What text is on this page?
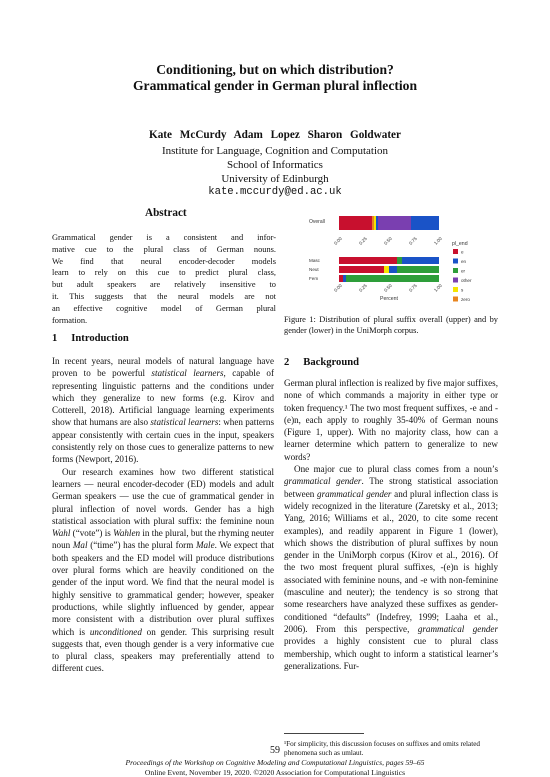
Conditioning, but on which distribution?
Grammatical gender in German plural inflection
Kate McCurdy Adam Lopez Sharon Goldwater
Institute for Language, Cognition and Computation
School of Informatics
University of Edinburgh
kate.mccurdy@ed.ac.uk
Abstract
Grammatical gender is a consistent and infor-
mative cue to the plural class of German nouns.
We find that neural encoder-decoder models
learn to rely on this cue to predict plural class,
but adult speakers are relatively insensitive to
it. This suggests that the neural models are not
an effective cognitive model of German plural
formation.
Overall
0.00	0.25	0.50	0.75	1.00
Masc
Neut
Fem
0.00	0.25	0.50	0.75	1.00
Percent
pl_end
e
en
er
other
s
zero
Figure 1: Distribution of plural suffix overall (upper) and by gender (lower) in the UniMorph corpus.
1 Introduction

In recent years, neural models of natural language have proven to be powerful statistical learners, capable of representing linguistic patterns and the conditions under which they generalize to new forms (e.g. Kirov and Cotterell, 2018). Artificial language learning experiments show that humans are also statistical learners: when patterns appear consistently with certain cues in the input, speakers consistently rely on those cues to generalize patterns to new forms (Newport, 2016).

Our research examines how two different statistical learners — neural encoder-decoder (ED) models and adult German speakers — use the cue of grammatical gender in plural inflection of novel words. Gender has a high statistical association with plural suffix: the feminine noun Wahl (“vote”) is Wahlen in the plural, but the rhyming neuter noun Mal (“time”) has the plural form Male. We expect that both speakers and the ED model will produce distributions over plural forms which are heavily conditioned on the gender of the input word. We find that the neural model is highly sensitive to grammatical gender; however, speaker productions, while slightly influenced by gender, appear more consistent with a distribution over plural suffixes which is unconditioned on gender. This surprising result suggests that, even though gender is a very informative cue to plural class, speakers may preferentially attend to different cues.

2 Background

German plural inflection is realized by five major suffixes, none of which commands a majority in either type or token frequency.¹ The two most frequent suffixes, -e and -(e)n, each apply to roughly 35-40% of German nouns (Figure 1, upper). With no majority class, how can a learner determine which pattern to generalize to new words?

One major cue to plural class comes from a noun’s grammatical gender. The strong statistical association between grammatical gender and plural inflection class is widely recognized in the literature (Zaretsky et al., 2013; Yang, 2016; Williams et al., 2020, to cite some recent examples), and readily apparent in Figure 1 (lower), which shows the distribution of plural suffixes by noun gender in the UniMorph corpus (Kirov et al., 2016). Of the two most frequent plural suffixes, -(e)n is highly associated with feminine nouns, and -e with non-feminine (masculine and neuter); the tendency is so strong that some researchers have analyzed these suffixes as gender-conditioned “defaults” (Indefrey, 1999; Laaha et al., 2006). From this perspective, grammatical gender provides a highly consistent cue to plural class membership, which ought to inform a statistical learner’s generalizations. Fur-

¹For simplicity, this discussion focuses on suffixes and omits related phenomena such as umlaut.
59
Proceedings of the Workshop on Cognitive Modeling and Computational Linguistics, pages 59–65
Online Event, November 19, 2020. ©2020 Association for Computational Linguistics
